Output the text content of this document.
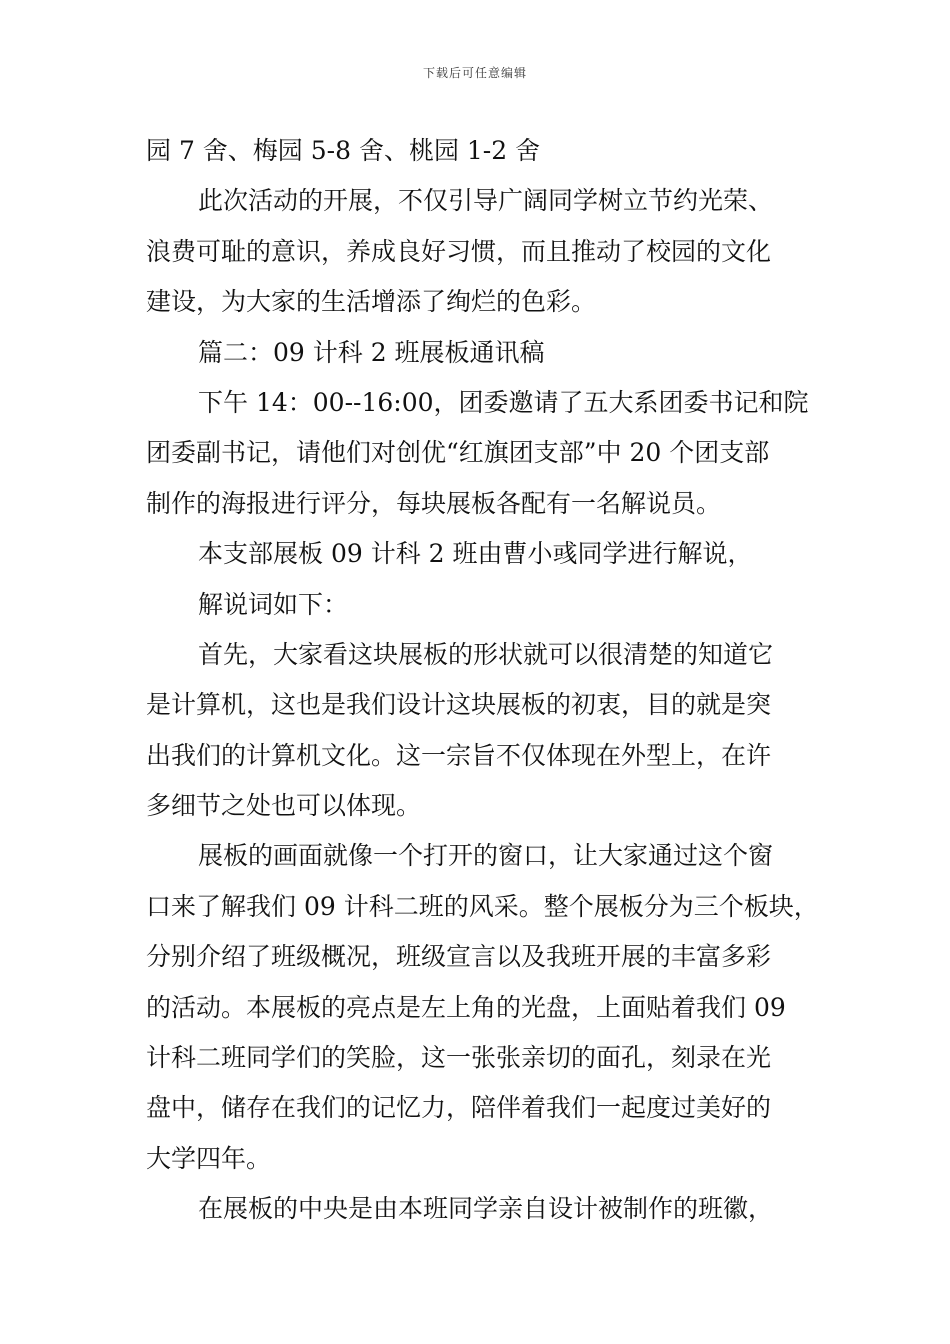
下载后可任意编辑
园 7 舍、梅园 5-8 舍、桃园 1-2 舍
此次活动的开展，不仅引导广阔同学树立节约光荣、
浪费可耻的意识，养成良好习惯，而且推动了校园的文化
建设，为大家的生活增添了绚烂的色彩。
篇二：09 计科 2 班展板通讯稿
下午 14：00--16:00，团委邀请了五大系团委书记和院
团委副书记，请他们对创优“红旗团支部”中 20 个团支部
制作的海报进行评分，每块展板各配有一名解说员。
本支部展板 09 计科 2 班由曹小彧同学进行解说，
解说词如下：
首先，大家看这块展板的形状就可以很清楚的知道它
是计算机，这也是我们设计这块展板的初衷，目的就是突
出我们的计算机文化。这一宗旨不仅体现在外型上，在许
多细节之处也可以体现。
展板的画面就像一个打开的窗口，让大家通过这个窗
口来了解我们 09 计科二班的风采。整个展板分为三个板块，
分别介绍了班级概况，班级宣言以及我班开展的丰富多彩
的活动。本展板的亮点是左上角的光盘，上面贴着我们 09
计科二班同学们的笑脸，这一张张亲切的面孔，刻录在光
盘中，储存在我们的记忆力，陪伴着我们一起度过美好的
大学四年。
在展板的中央是由本班同学亲自设计被制作的班徽，
